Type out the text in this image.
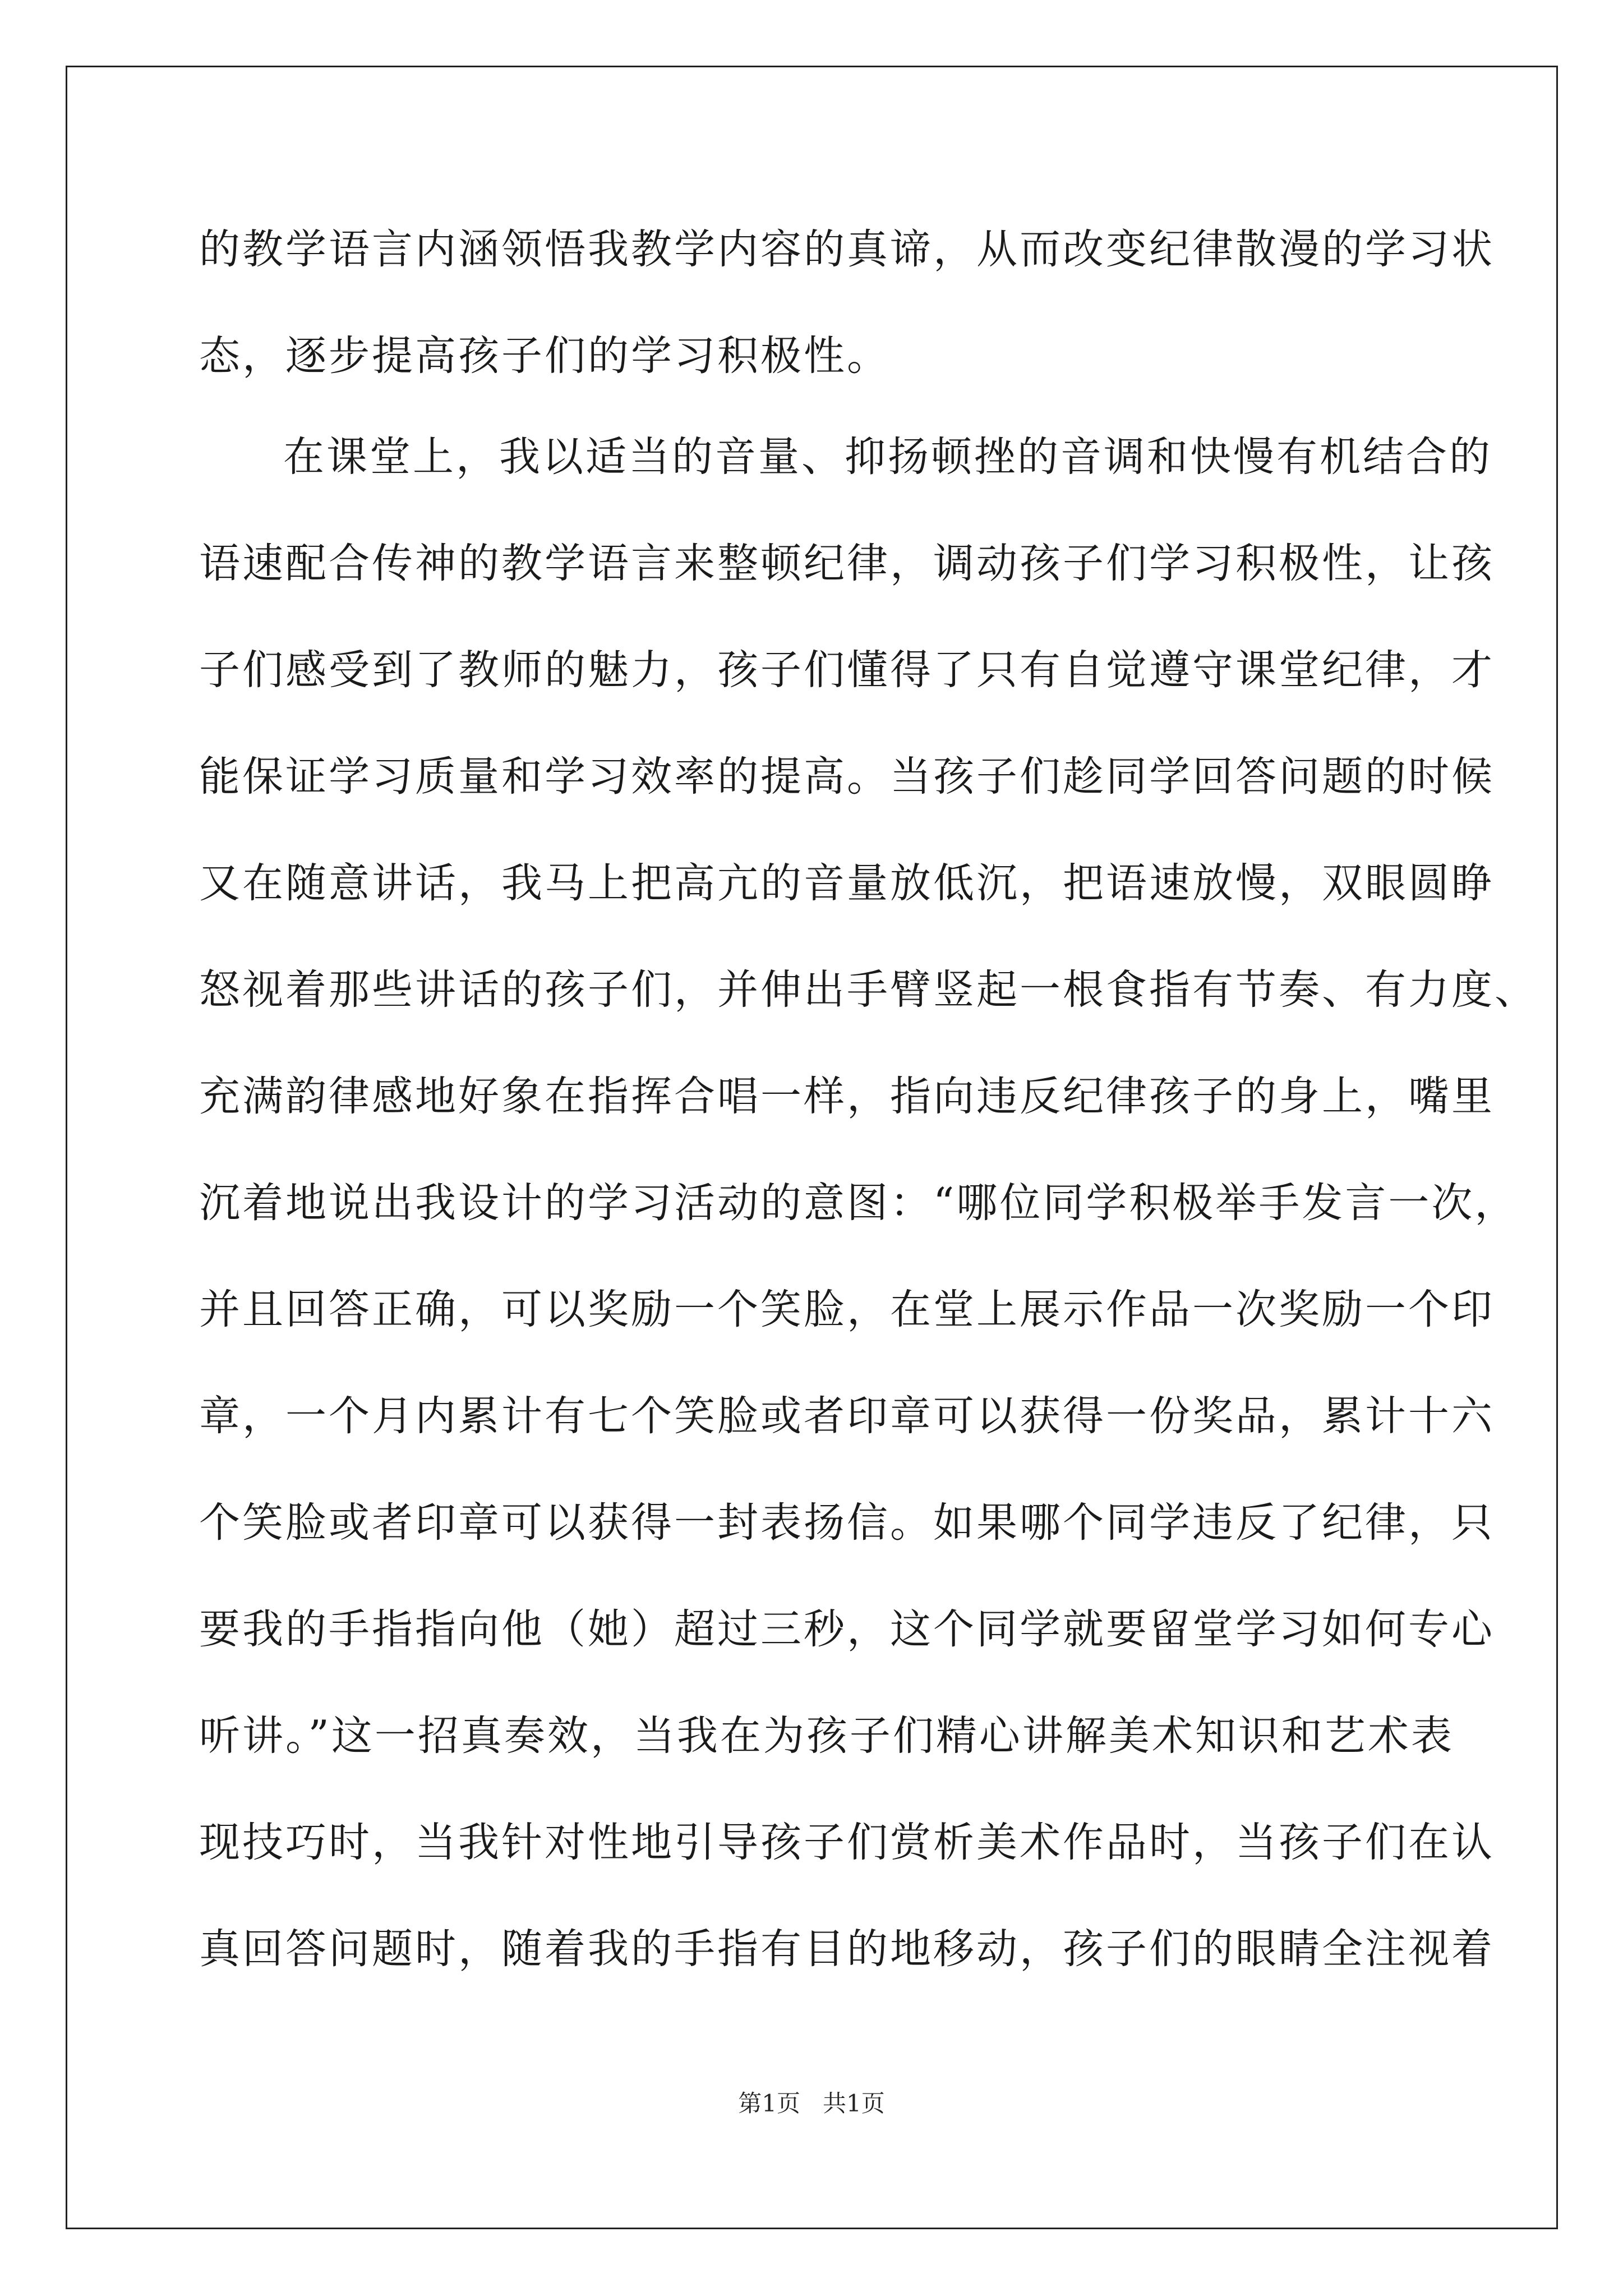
的教学语言内涵领悟我教学内容的真谛，从而改变纪律散漫的学习状
态，逐步提高孩子们的学习积极性。
在课堂上，我以适当的音量、抑扬顿挫的音调和快慢有机结合的
语速配合传神的教学语言来整顿纪律，调动孩子们学习积极性，让孩
子们感受到了教师的魅力，孩子们懂得了只有自觉遵守课堂纪律，才
能保证学习质量和学习效率的提高。当孩子们趁同学回答问题的时候
又在随意讲话，我马上把高亢的音量放低沉，把语速放慢，双眼圆睁
怒视着那些讲话的孩子们，并伸出手臂竖起一根食指有节奏、有力度、
充满韵律感地好象在指挥合唱一样，指向违反纪律孩子的身上，嘴里
沉着地说出我设计的学习活动的意图：“哪位同学积极举手发言一次，
并且回答正确，可以奖励一个笑脸，在堂上展示作品一次奖励一个印
章，一个月内累计有七个笑脸或者印章可以获得一份奖品，累计十六
个笑脸或者印章可以获得一封表扬信。如果哪个同学违反了纪律，只
要我的手指指向他（她）超过三秒，这个同学就要留堂学习如何专心
听讲。”这一招真奏效，当我在为孩子们精心讲解美术知识和艺术表
现技巧时，当我针对性地引导孩子们赏析美术作品时，当孩子们在认
真回答问题时，随着我的手指有目的地移动，孩子们的眼睛全注视着
第1页   共1页
